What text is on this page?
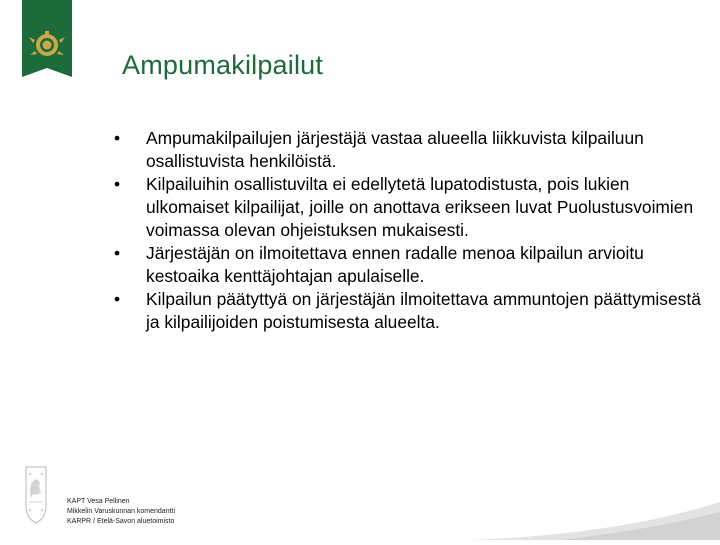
Ampumakilpailut
• Ampumakilpailujen järjestäjä vastaa alueella liikkuvista kilpailuun osallistuvista henkilöistä.
• Kilpailuihin osallistuvilta ei edellytetä lupatodistusta, pois lukien ulkomaiset kilpailijat, joille on anottava erikseen luvat Puolustusvoimien voimassa olevan ohjeistuksen mukaisesti.
• Järjestäjän on ilmoitettava ennen radalle menoa kilpailun arvioitu kestoaika kenttäjohtajan apulaiselle.
• Kilpailun päätyttyä on järjestäjän ilmoitettava ammuntojen päättymisestä ja kilpailijoiden poistumisesta alueelta.
KAPT Vesa Pellinen
Mikkelin Varuskunnan komendantti
KARPR / Etelä-Savon aluetoimisto
